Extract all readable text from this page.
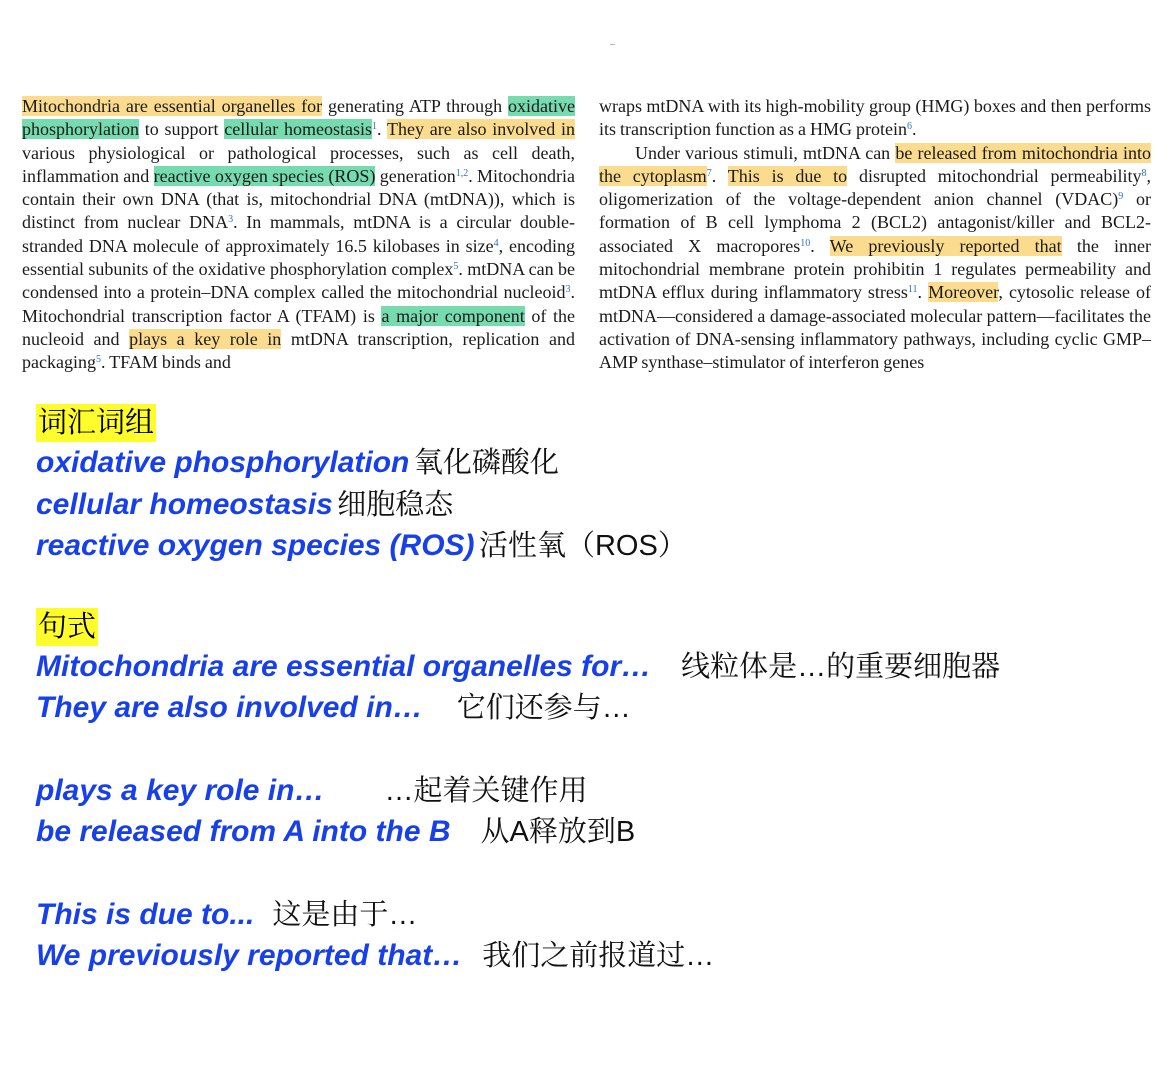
Mitochondria are essential organelles for generating ATP through oxidative phosphorylation to support cellular homeostasis$^1$. They are also involved in various physiological or pathological processes, such as cell death, inflammation and reactive oxygen species (ROS) generation$^{1,2}$. Mitochondria contain their own DNA (that is, mitochondrial DNA (mtDNA)), which is distinct from nuclear DNA$^3$. In mammals, mtDNA is a circular double-stranded DNA molecule of approximately 16.5 kilobases in size$^4$, encoding essential subunits of the oxidative phosphorylation complex$^5$. mtDNA can be condensed into a protein–DNA complex called the mitochondrial nucleoid$^3$. Mitochondrial transcription factor A (TFAM) is a major component of the nucleoid and plays a key role in mtDNA transcription, replication and packaging$^5$. TFAM binds and

wraps mtDNA with its high-mobility group (HMG) boxes and then performs its transcription function as a HMG protein$^6$.

Under various stimuli, mtDNA can be released from mitochondria into the cytoplasm$^7$. This is due to disrupted mitochondrial permeability$^8$, oligomerization of the voltage-dependent anion channel (VDAC)$^9$ or formation of B cell lymphoma 2 (BCL2) antagonist/killer and BCL2-associated X macropores$^{10}$. We previously reported that the inner mitochondrial membrane protein prohibitin 1 regulates permeability and mtDNA efflux during inflammatory stress$^{11}$. Moreover, cytosolic release of mtDNA—considered a damage-associated molecular pattern—facilitates the activation of DNA-sensing inflammatory pathways, including cyclic GMP–AMP synthase–stimulator of interferon genes

词汇词组
oxidative phosphorylation 氧化磷酸化
cellular homeostasis 细胞稳态
reactive oxygen species (ROS) 活性氧（ROS）
句式
Mitochondria are essential organelles for… 线粒体是…的重要细胞器
They are also involved in… 它们还参与…
plays a key role in… …起着关键作用
be released from A into the B 从A释放到B
This is due to... 这是由于…
We previously reported that… 我们之前报道过…
